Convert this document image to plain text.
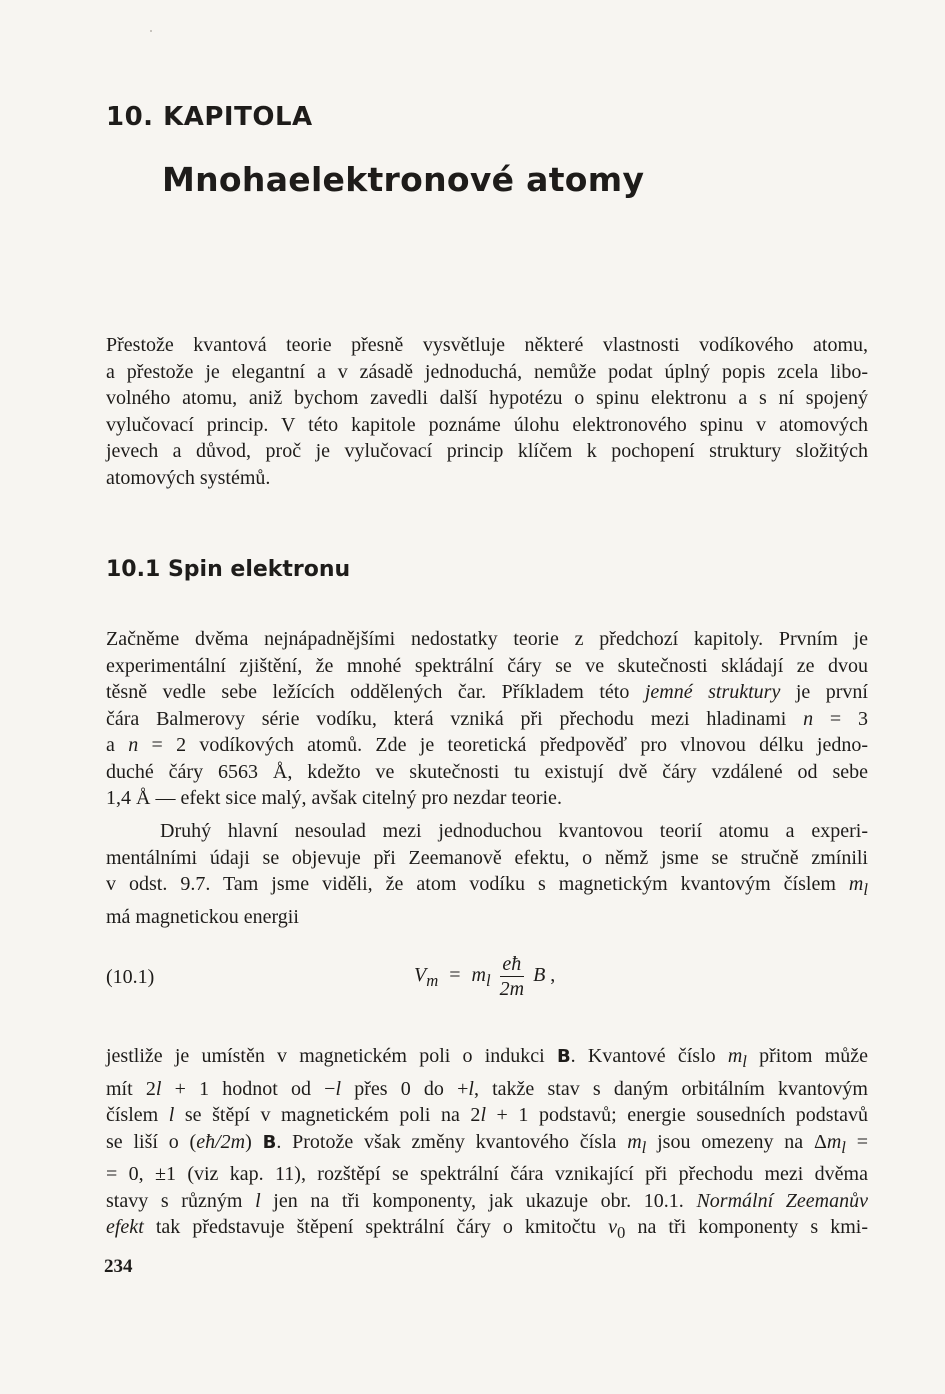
10. KAPITOLA
Mnohaelektronové atomy

Přestože kvantová teorie přesně vysvětluje některé vlastnosti vodíkového atomu,
a přestože je elegantní a v zásadě jednoduchá, nemůže podat úplný popis zcela libo-
volného atomu, aniž bychom zavedli další hypotézu o spinu elektronu a s ní spojený
vylučovací princip. V této kapitole poznáme úlohu elektronového spinu v atomových
jevech a důvod, proč je vylučovací princip klíčem k pochopení struktury složitých
atomových systémů.

10.1 Spin elektronu

Začněme dvěma nejnápadnějšími nedostatky teorie z předchozí kapitoly. Prvním je
experimentální zjištění, že mnohé spektrální čáry se ve skutečnosti skládají ze dvou
těsně vedle sebe ležících oddělených čar. Příkladem této jemné struktury je první
čára Balmerovy série vodíku, která vzniká při přechodu mezi hladinami n = 3
a n = 2 vodíkových atomů. Zde je teoretická předpověď pro vlnovou délku jedno-
duché čáry 6563 Å, kdežto ve skutečnosti tu existují dvě čáry vzdálené od sebe
1,4 Å — efekt sice malý, avšak citelný pro nezdar teorie.

Druhý hlavní nesoulad mezi jednoduchou kvantovou teorií atomu a experi-
mentálními údaji se objevuje při Zeemanově efektu, o němž jsme se stručně zmínili
v odst. 9.7. Tam jsme viděli, že atom vodíku s magnetickým kvantovým číslem $m_l$
má magnetickou energii

(10.1)	$V_m = m_l \frac{eħ}{2m}$ B ,

jestliže je umístěn v magnetickém poli o indukci B. Kvantové číslo $m_l$ přitom může
mít 2l + 1 hodnot od −l přes 0 do +l, takže stav s daným orbitálním kvantovým
číslem l se štěpí v magnetickém poli na 2l + 1 podstavů; energie sousedních podstavů
se liší o (eħ/2m) B. Protože však změny kvantového čísla $m_l$ jsou omezeny na $\Delta m_l$ =
= 0, ±1 (viz kap. 11), rozštěpí se spektrální čára vznikající při přechodu mezi dvěma
stavy s různým l jen na tři komponenty, jak ukazuje obr. 10.1. Normální Zeemanův
efekt tak představuje štěpení spektrální čáry o kmitočtu $v_0$ na tři komponenty s kmi-

234
